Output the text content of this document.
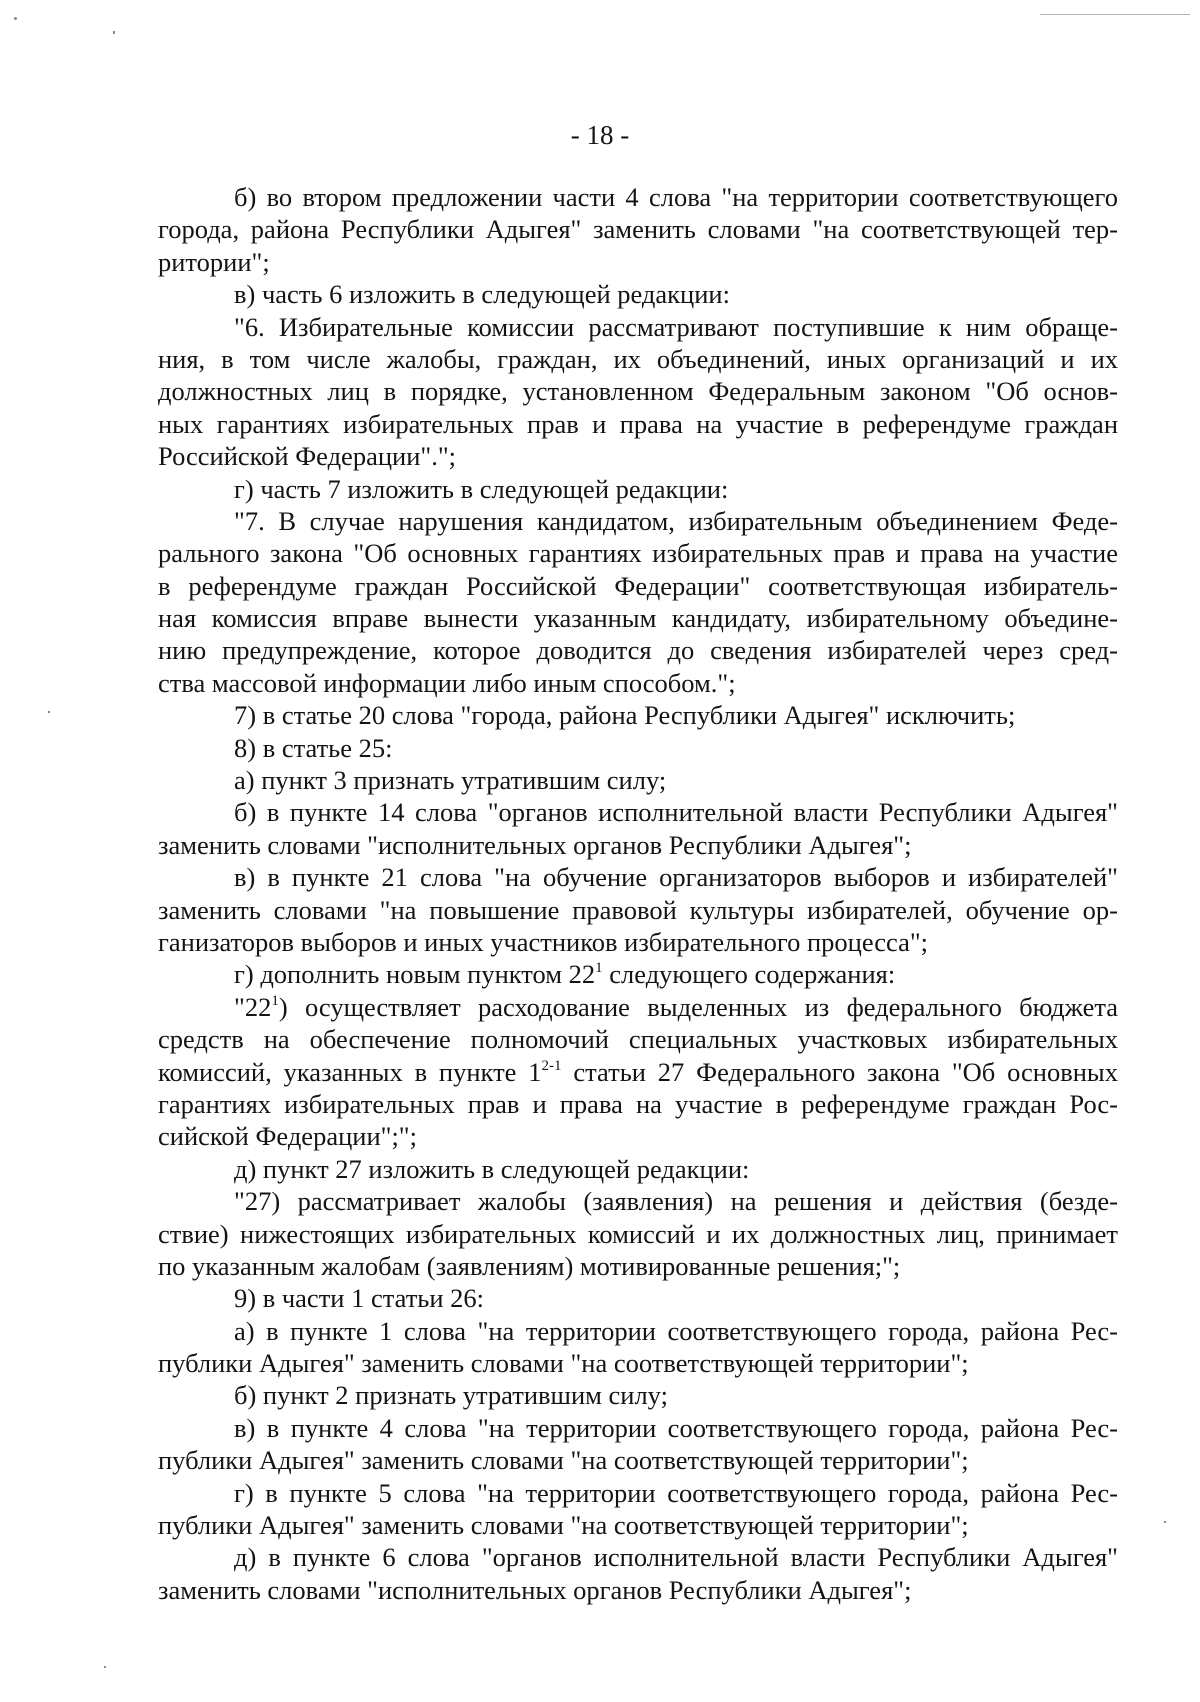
- 18 -
б) во втором предложении части 4 слова "на территории соответствующего
города, района Республики Адыгея" заменить словами "на соответствующей тер-
ритории";
в) часть 6 изложить в следующей редакции:
"6. Избирательные комиссии рассматривают поступившие к ним обраще-
ния, в том числе жалобы, граждан, их объединений, иных организаций и их
должностных лиц в порядке, установленном Федеральным законом "Об основ-
ных гарантиях избирательных прав и права на участие в референдуме граждан
Российской Федерации".";
г) часть 7 изложить в следующей редакции:
"7. В случае нарушения кандидатом, избирательным объединением Феде-
рального закона "Об основных гарантиях избирательных прав и права на участие
в референдуме граждан Российской Федерации" соответствующая избиратель-
ная комиссия вправе вынести указанным кандидату, избирательному объедине-
нию предупреждение, которое доводится до сведения избирателей через сред-
ства массовой информации либо иным способом.";
7) в статье 20 слова "города, района Республики Адыгея" исключить;
8) в статье 25:
а) пункт 3 признать утратившим силу;
б) в пункте 14 слова "органов исполнительной власти Республики Адыгея"
заменить словами "исполнительных органов Республики Адыгея";
в) в пункте 21 слова "на обучение организаторов выборов и избирателей"
заменить словами "на повышение правовой культуры избирателей, обучение ор-
ганизаторов выборов и иных участников избирательного процесса";
г) дополнить новым пунктом $22^1$ следующего содержания:
"$22^1$) осуществляет расходование выделенных из федерального бюджета
средств на обеспечение полномочий специальных участковых избирательных
комиссий, указанных в пункте 1$^{2-1}$ статьи 27 Федерального закона "Об основных
гарантиях избирательных прав и права на участие в референдуме граждан Рос-
сийской Федерации";";
д) пункт 27 изложить в следующей редакции:
"27) рассматривает жалобы (заявления) на решения и действия (безде-
ствие) нижестоящих избирательных комиссий и их должностных лиц, принимает
по указанным жалобам (заявлениям) мотивированные решения;";
9) в части 1 статьи 26:
а) в пункте 1 слова "на территории соответствующего города, района Рес-
публики Адыгея" заменить словами "на соответствующей территории";
б) пункт 2 признать утратившим силу;
в) в пункте 4 слова "на территории соответствующего города, района Рес-
публики Адыгея" заменить словами "на соответствующей территории";
г) в пункте 5 слова "на территории соответствующего города, района Рес-
публики Адыгея" заменить словами "на соответствующей территории";
д) в пункте 6 слова "органов исполнительной власти Республики Адыгея"
заменить словами "исполнительных органов Республики Адыгея";
